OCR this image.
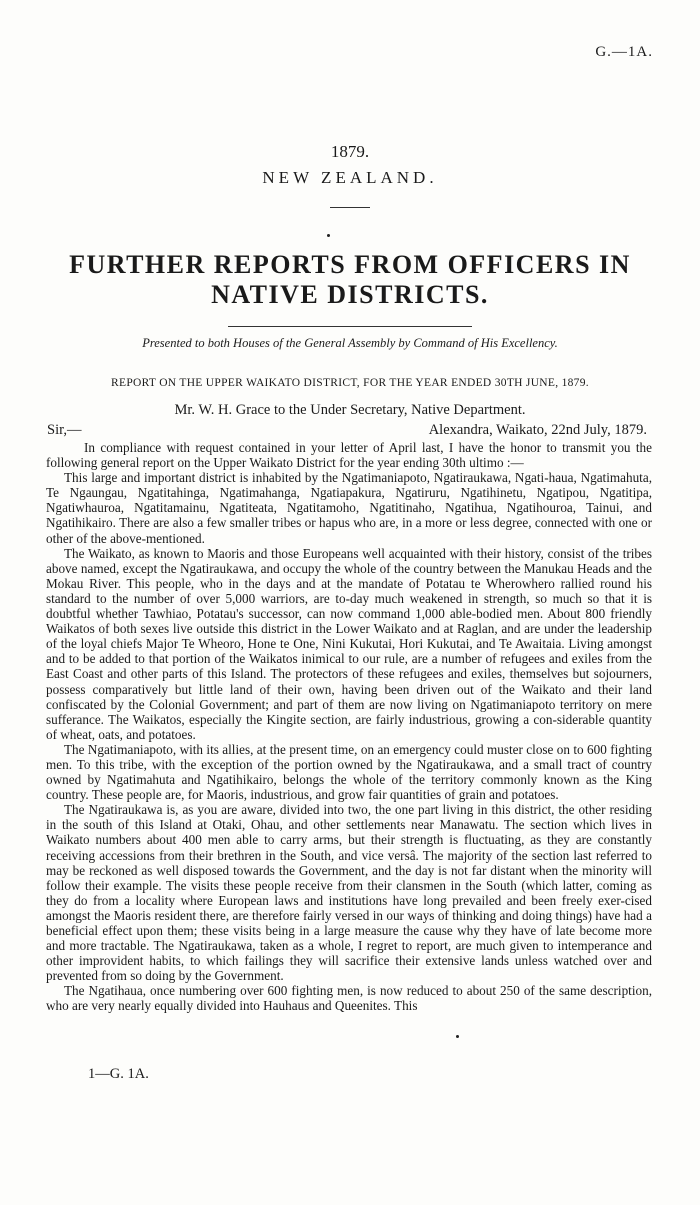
G.—1A.
1879.
NEW ZEALAND.
FURTHER REPORTS FROM OFFICERS IN NATIVE DISTRICTS.
Presented to both Houses of the General Assembly by Command of His Excellency.
REPORT ON THE UPPER WAIKATO DISTRICT, FOR THE YEAR ENDED 30TH JUNE, 1879.
Mr. W. H. Grace to the Under Secretary, Native Department.
Sir,—	Alexandra, Waikato, 22nd July, 1879.

In compliance with request contained in your letter of April last, I have the honor to transmit you the following general report on the Upper Waikato District for the year ending 30th ultimo :—

This large and important district is inhabited by the Ngatimaniapoto, Ngatiraukawa, Ngati-haua, Ngatimahuta, Te Ngaungau, Ngatitahinga, Ngatimahanga, Ngatiapakura, Ngatiruru, Ngatihinetu, Ngatipou, Ngatitipa, Ngatiwhauroa, Ngatitamainu, Ngatiteata, Ngatitamoho, Ngatitinaho, Ngatihua, Ngatihouroa, Tainui, and Ngatihikairo. There are also a few smaller tribes or hapus who are, in a more or less degree, connected with one or other of the above-mentioned.

The Waikato, as known to Maoris and those Europeans well acquainted with their history, consist of the tribes above named, except the Ngatiraukawa, and occupy the whole of the country between the Manukau Heads and the Mokau River. This people, who in the days and at the mandate of Potatau te Wherowhero rallied round his standard to the number of over 5,000 warriors, are to-day much weakened in strength, so much so that it is doubtful whether Tawhiao, Potatau's successor, can now command 1,000 able-bodied men. About 800 friendly Waikatos of both sexes live outside this district in the Lower Waikato and at Raglan, and are under the leadership of the loyal chiefs Major Te Wheoro, Hone te One, Nini Kukutai, Hori Kukutai, and Te Awaitaia. Living amongst and to be added to that portion of the Waikatos inimical to our rule, are a number of refugees and exiles from the East Coast and other parts of this Island. The protectors of these refugees and exiles, themselves but sojourners, possess comparatively but little land of their own, having been driven out of the Waikato and their land confiscated by the Colonial Government; and part of them are now living on Ngatimaniapoto territory on mere sufferance. The Waikatos, especially the Kingite section, are fairly industrious, growing a con-siderable quantity of wheat, oats, and potatoes.

The Ngatimaniapoto, with its allies, at the present time, on an emergency could muster close on to 600 fighting men. To this tribe, with the exception of the portion owned by the Ngatiraukawa, and a small tract of country owned by Ngatimahuta and Ngatihikairo, belongs the whole of the territory commonly known as the King country. These people are, for Maoris, industrious, and grow fair quantities of grain and potatoes.

The Ngatiraukawa is, as you are aware, divided into two, the one part living in this district, the other residing in the south of this Island at Otaki, Ohau, and other settlements near Manawatu. The section which lives in Waikato numbers about 400 men able to carry arms, but their strength is fluctuating, as they are constantly receiving accessions from their brethren in the South, and vice versâ. The majority of the section last referred to may be reckoned as well disposed towards the Government, and the day is not far distant when the minority will follow their example. The visits these people receive from their clansmen in the South (which latter, coming as they do from a locality where European laws and institutions have long prevailed and been freely exer-cised amongst the Maoris resident there, are therefore fairly versed in our ways of thinking and doing things) have had a beneficial effect upon them; these visits being in a large measure the cause why they have of late become more and more tractable. The Ngatiraukawa, taken as a whole, I regret to report, are much given to intemperance and other improvident habits, to which failings they will sacrifice their extensive lands unless watched over and prevented from so doing by the Government.

The Ngatihaua, once numbering over 600 fighting men, is now reduced to about 250 of the same description, who are very nearly equally divided into Hauhaus and Queenites. This

1—G. 1A.
